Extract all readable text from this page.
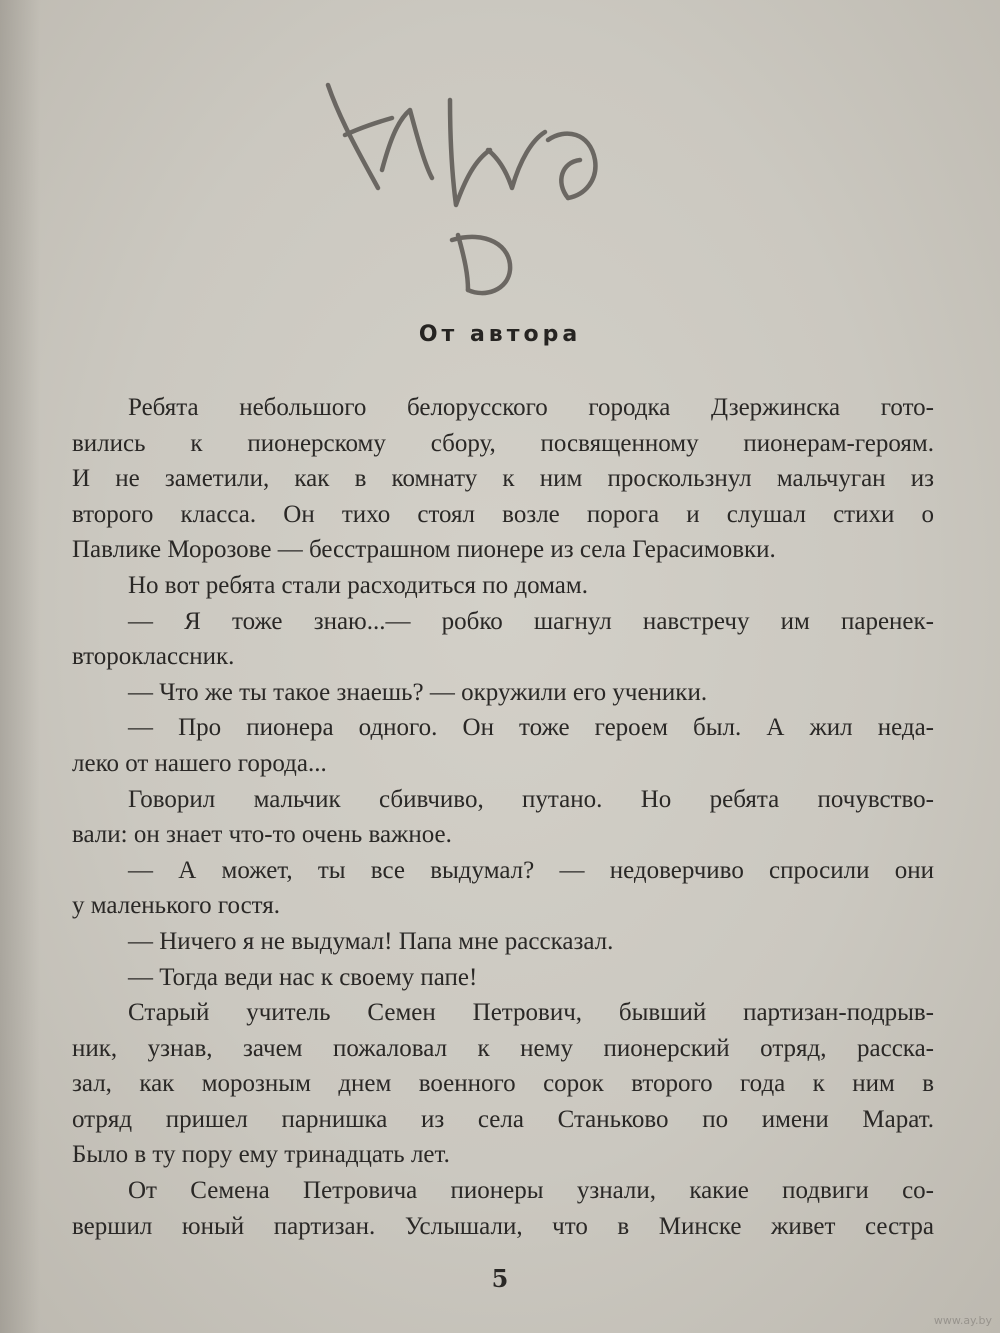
От автора
Ребята небольшого белорусского городка Дзержинска гото-
вились к пионерскому сбору, посвященному пионерам-героям.
И не заметили, как в комнату к ним проскользнул мальчуган из
второго класса. Он тихо стоял возле порога и слушал стихи о
Павлике Морозове — бесстрашном пионере из села Герасимовки.
Но вот ребята стали расходиться по домам.
— Я тоже знаю...— робко шагнул навстречу им паренек-
второклассник.
— Что же ты такое знаешь? — окружили его ученики.
— Про пионера одного. Он тоже героем был. А жил неда-
леко от нашего города...
Говорил мальчик сбивчиво, путано. Но ребята почувство-
вали: он знает что-то очень важное.
— А может, ты все выдумал? — недоверчиво спросили они
у маленького гостя.
— Ничего я не выдумал! Папа мне рассказал.
— Тогда веди нас к своему папе!
Старый учитель Семен Петрович, бывший партизан-подрыв-
ник, узнав, зачем пожаловал к нему пионерский отряд, расска-
зал, как морозным днем военного сорок второго года к ним в
отряд пришел парнишка из села Станьково по имени Марат.
Было в ту пору ему тринадцать лет.
От Семена Петровича пионеры узнали, какие подвиги со-
вершил юный партизан. Услышали, что в Минске живет сестра
5
www.ay.by
